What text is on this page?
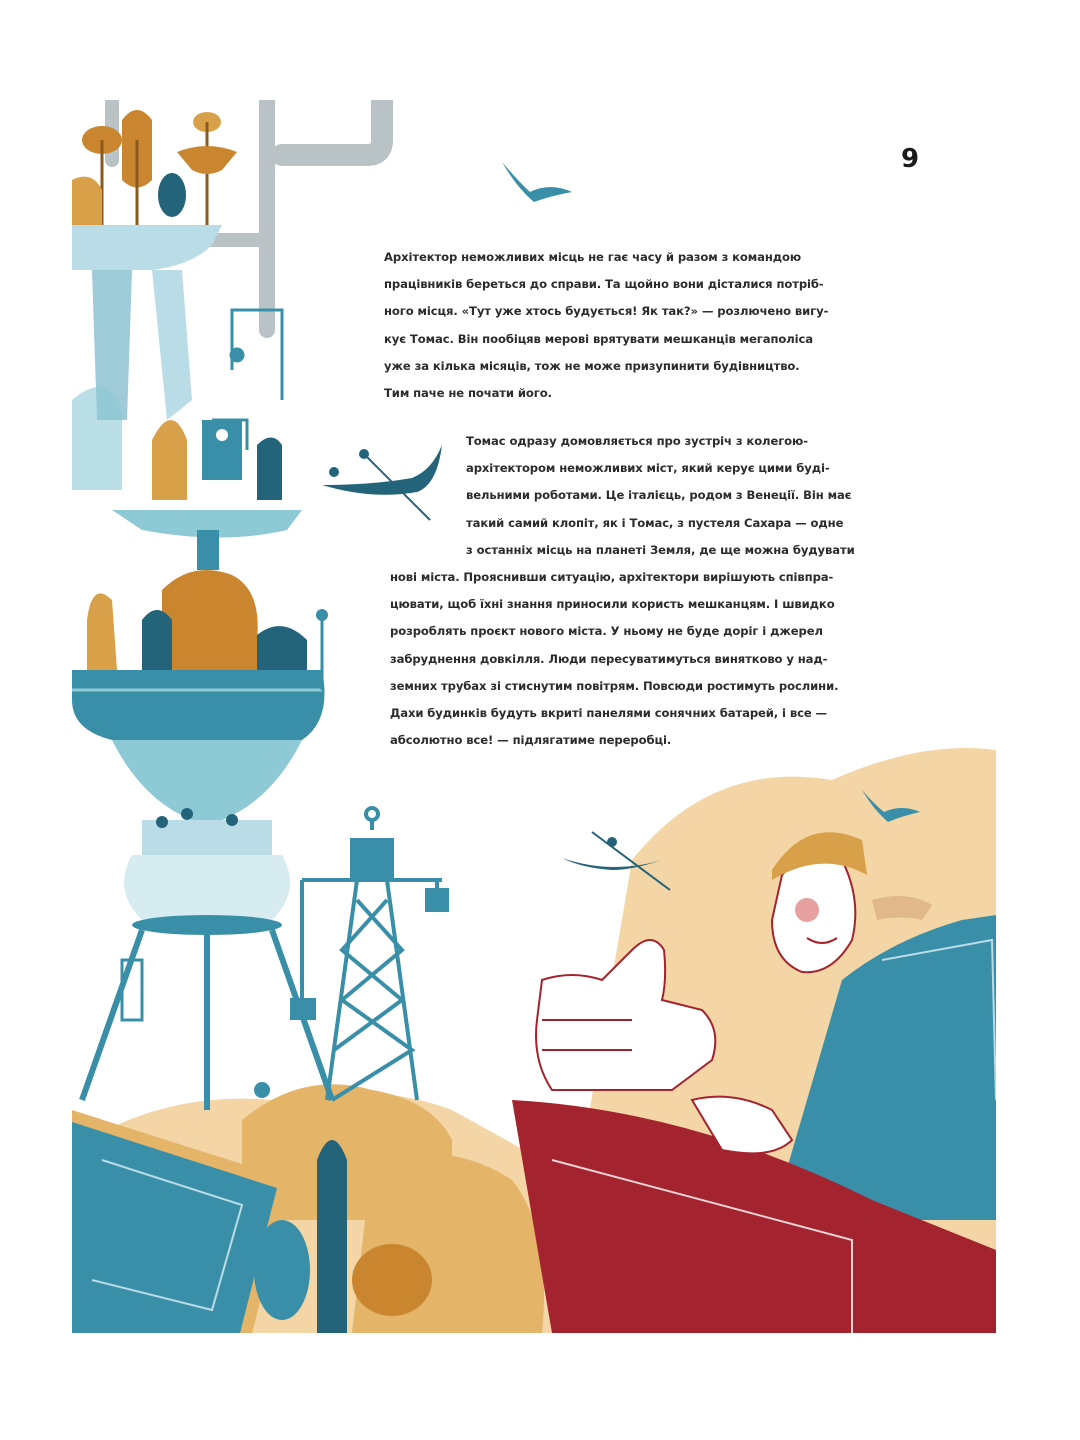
9
Архітектор неможливих місць не гає часу й разом з командою
працівників береться до справи. Та щойно вони дісталися потріб-
ного місця. «Тут уже хтось будується! Як так?» — розлючено вигу-
кує Томас. Він пообіцяв мерові врятувати мешканців мегаполіса
уже за кілька місяців, тож не може призупинити будівництво.
Тим паче не почати його.
Томас одразу домовляється про зустріч з колегою-
архітектором неможливих міст, який керує цими буді-
вельними роботами. Це італієць, родом з Венеції. Він має
такий самий клопіт, як і Томас, з пустеля Сахара — одне
з останніх місць на планеті Земля, де ще можна будувати
нові міста. Прояснивши ситуацію, архітектори вирішують співпра-
цювати, щоб їхні знання приносили користь мешканцям. І швидко
розроблять проєкт нового міста. У ньому не буде доріг і джерел
забруднення довкілля. Люди пересуватимуться винятково у над-
земних трубах зі стиснутим повітрям. Повсюди ростимуть рослини.
Дахи будинків будуть вкриті панелями сонячних батарей, і все —
абсолютно все! — підлягатиме переробці.
